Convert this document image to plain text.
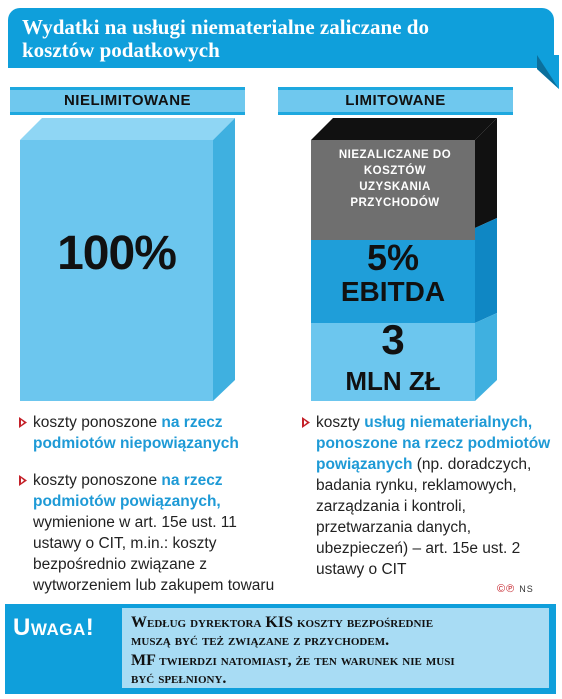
Wydatki na usługi niematerialne zaliczane do kosztów podatkowych
NIELIMITOWANE	LIMITOWANE
100%
NIEZALICZANE DO KOSZTÓW UZYSKANIA PRZYCHODÓW
5%
EBITDA
3
MLN ZŁ
koszty ponoszone na rzecz podmiotów niepowiązanych
koszty ponoszone na rzecz podmiotów powiązanych, wymienione w art. 15e ust. 11 ustawy o CIT, m.in.: koszty bezpośrednio związane z wytworzeniem lub zakupem towaru
koszty usług niematerialnych, ponoszone na rzecz podmiotów powiązanych (np. doradczych, badania rynku, reklamowych, zarządzania i kontroli, przetwarzania danych, ubezpieczeń) – art. 15e ust. 2 ustawy o CIT
©℗ NS
Uwaga! Według dyrektora KIS koszty bezpośrednie
muszą być też związane z przychodem.
MF twierdzi natomiast, że ten warunek nie musi
być spełniony.
